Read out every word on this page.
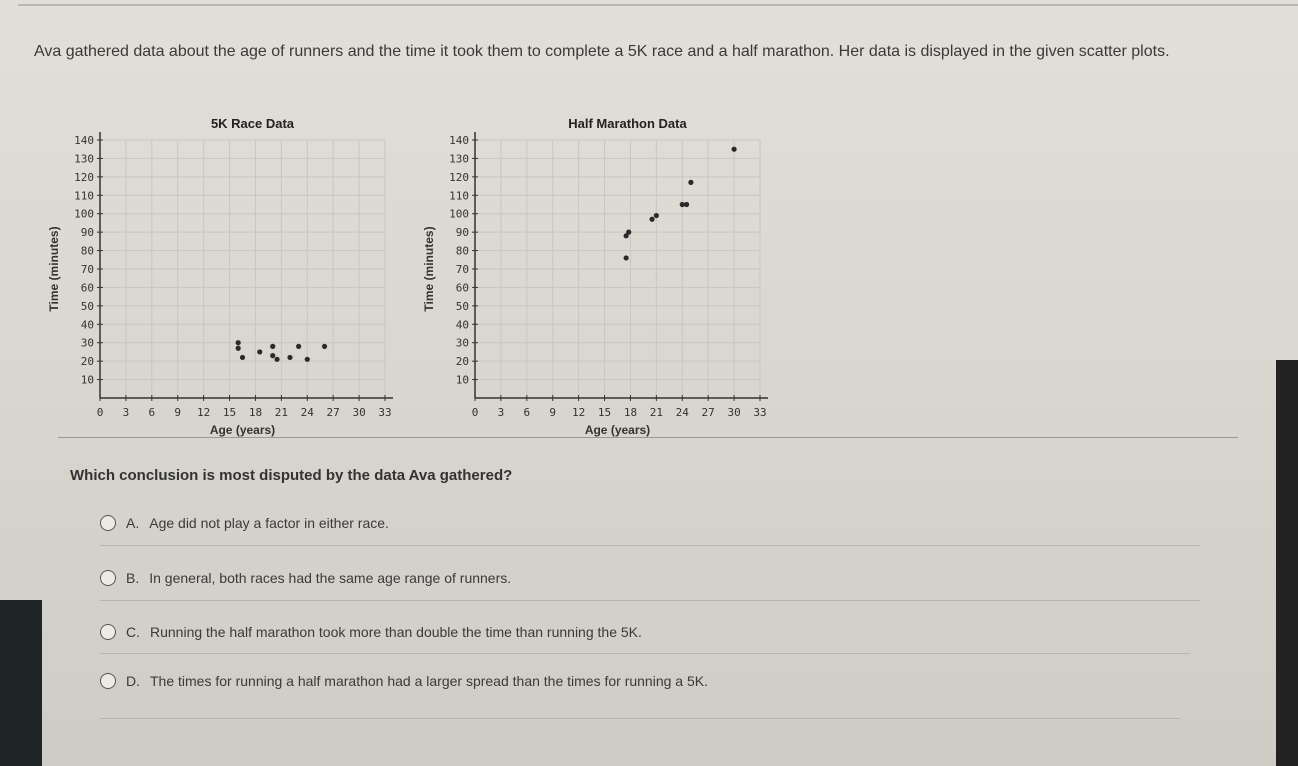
Ava gathered data about the age of runners and the time it took them to complete a 5K race and a half marathon. Her data is displayed in the given scatter plots.
0 3 6 9 12 15 18 21 24 27 30 33
10
20
30
40
50
60
70
80
90
100
110
120
130
140
5K Race Data
Age (years)
Time (minutes)
0 3 6 9 12 15 18 21 24 27 30 33
10
20
30
40
50
60
70
80
90
100
110
120
130
140
Half Marathon Data
Age (years)
Time (minutes)
Which conclusion is most disputed by the data Ava gathered?
A. Age did not play a factor in either race.
B. In general, both races had the same age range of runners.
C. Running the half marathon took more than double the time than running the 5K.
D. The times for running a half marathon had a larger spread than the times for running a 5K.
